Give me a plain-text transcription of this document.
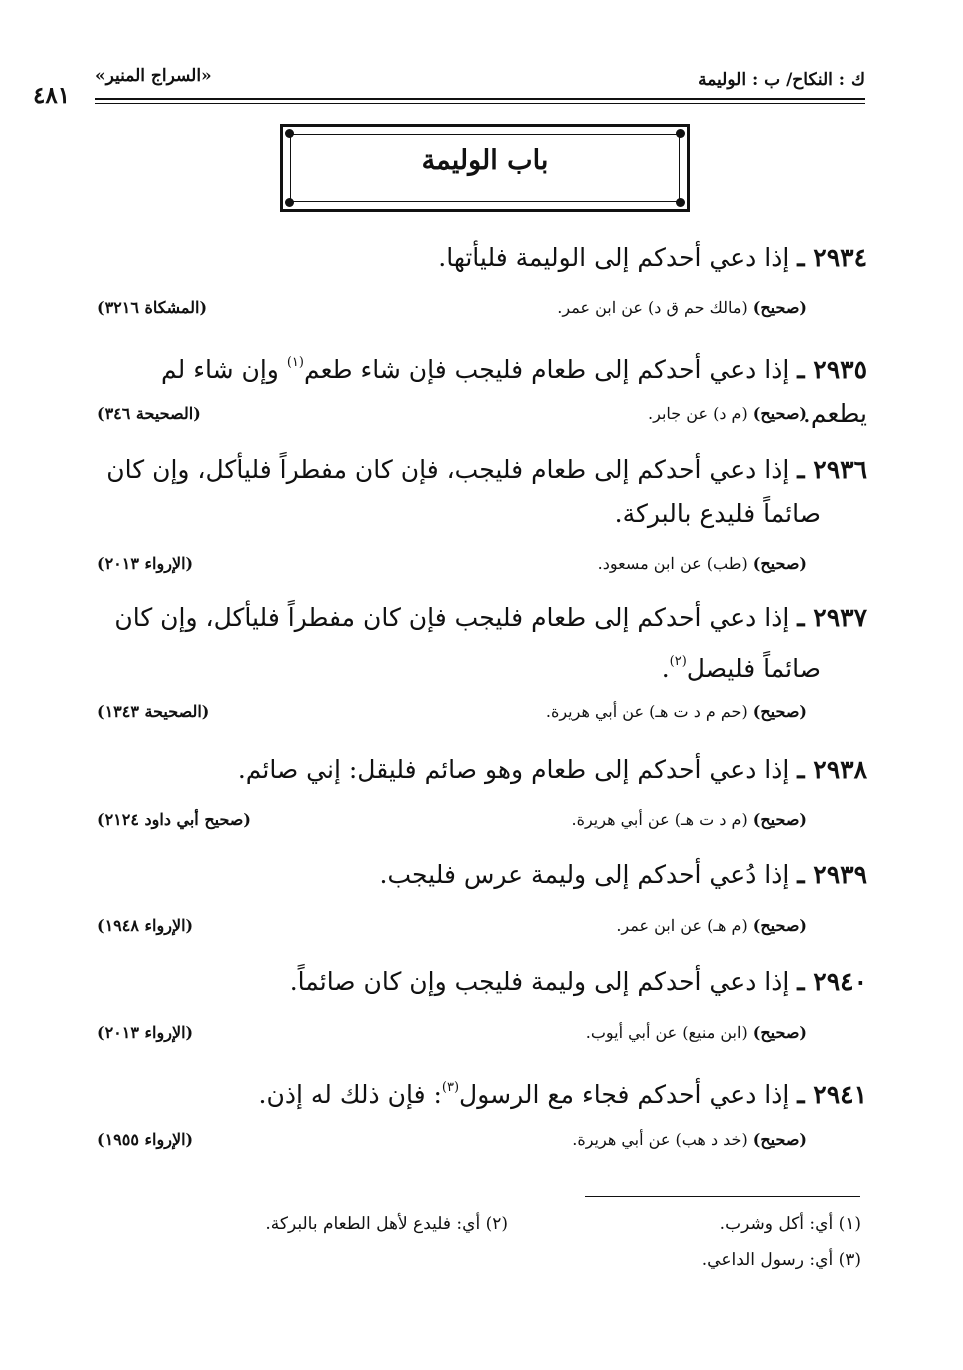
ك : النكاح/ ب : الوليمة
«السراج المنير»
٤٨١
باب الوليمة
٢٩٣٤ ـ إذا دعي أحدكم إلى الوليمة فليأتها.
(صحيح) (مالك حم ق د) عن ابن عمر.
(المشكاة ٣٢١٦)
٢٩٣٥ ـ إذا دعي أحدكم إلى طعام فليجب فإن شاء طعم$^{(١)}$ وإن شاء لم يطعم.
(صحيح) (م د) عن جابر.
(الصحيحة ٣٤٦)
٢٩٣٦ ـ إذا دعي أحدكم إلى طعام فليجب، فإن كان مفطراً فليأكل، وإن كان
صائماً فليدع بالبركة.
(صحيح) (طب) عن ابن مسعود.
(الإرواء ٢٠١٣)
٢٩٣٧ ـ إذا دعي أحدكم إلى طعام فليجب فإن كان مفطراً فليأكل، وإن كان
صائماً فليصل$^{(٢)}$.
(صحيح) (حم م د ت هـ) عن أبي هريرة.
(الصحيحة ١٣٤٣)
٢٩٣٨ ـ إذا دعي أحدكم إلى طعام وهو صائم فليقل: إني صائم.
(صحيح) (م د ت هـ) عن أبي هريرة.
(صحيح أبي داود ٢١٢٤)
٢٩٣٩ ـ إذا دُعي أحدكم إلى وليمة عرس فليجب.
(صحيح) (م هـ) عن ابن عمر.
(الإرواء ١٩٤٨)
٢٩٤٠ ـ إذا دعي أحدكم إلى وليمة فليجب وإن كان صائماً.
(صحيح) (ابن منيع) عن أبي أيوب.
(الإرواء ٢٠١٣)
٢٩٤١ ـ إذا دعي أحدكم فجاء مع الرسول$^{(٣)}$: فإن ذلك له إذن.
(صحيح) (خد د هب) عن أبي هريرة.
(الإرواء ١٩٥٥)
(١) أي: أكل وشرب.
(٢) أي: فليدع لأهل الطعام بالبركة.
(٣) أي: رسول الداعي.
